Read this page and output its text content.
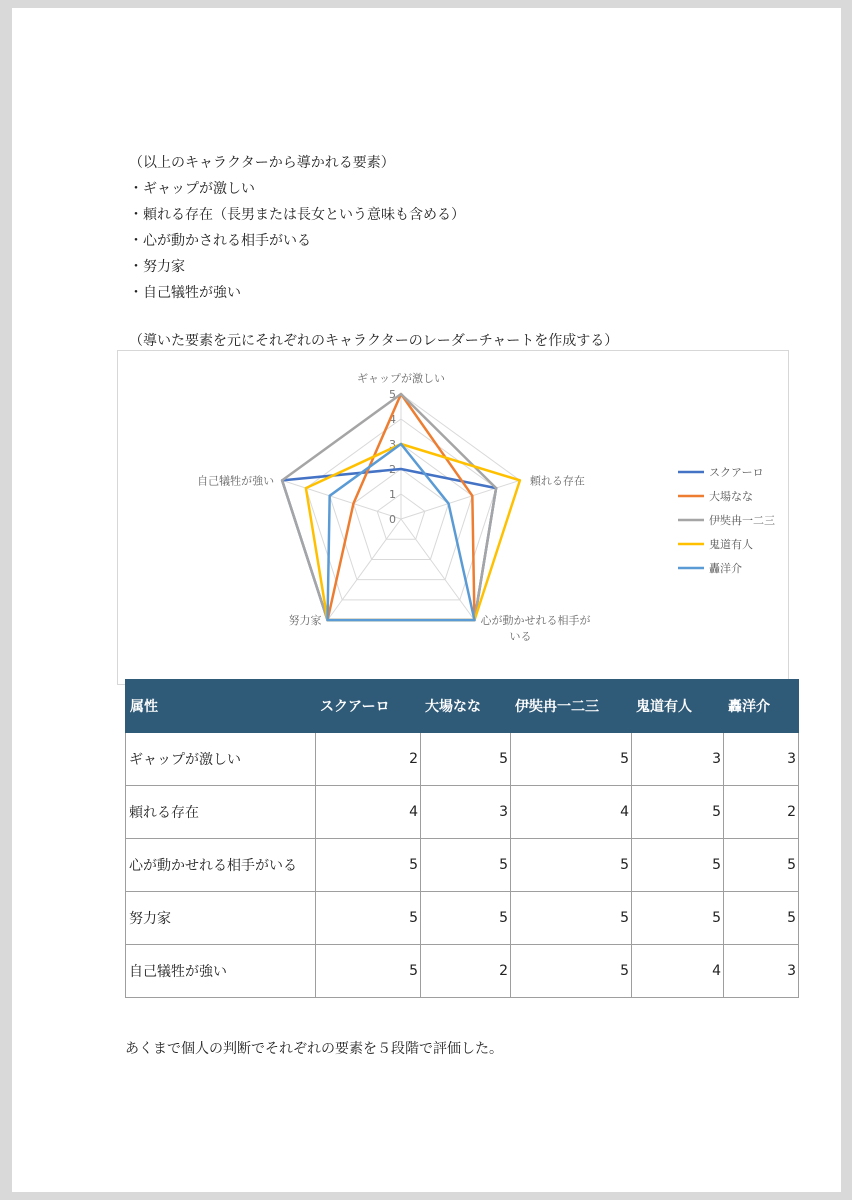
（以上のキャラクターから導かれる要素）
・ギャップが激しい
・頼れる存在（長男または長女という意味も含める）
・心が動かされる相手がいる
・努力家
・自己犠牲が強い
（導いた要素を元にそれぞれのキャラクターのレーダーチャートを作成する）
0
1
2
3
4
5
ギャップが激しい
頼れる存在
心が動かせれる相手が
いる
努力家
自己犠牲が強い
スクアーロ
大場なな
伊奘冉一二三
鬼道有人
轟洋介
属性	スクアーロ	大場なな	伊奘冉一二三	鬼道有人	轟洋介
ギャップが激しい	2	5	5	3	3
頼れる存在	4	3	4	5	2
心が動かせれる相手がいる	5	5	5	5	5
努力家	5	5	5	5	5
自己犠牲が強い	5	2	5	4	3
あくまで個人の判断でそれぞれの要素を５段階で評価した。
